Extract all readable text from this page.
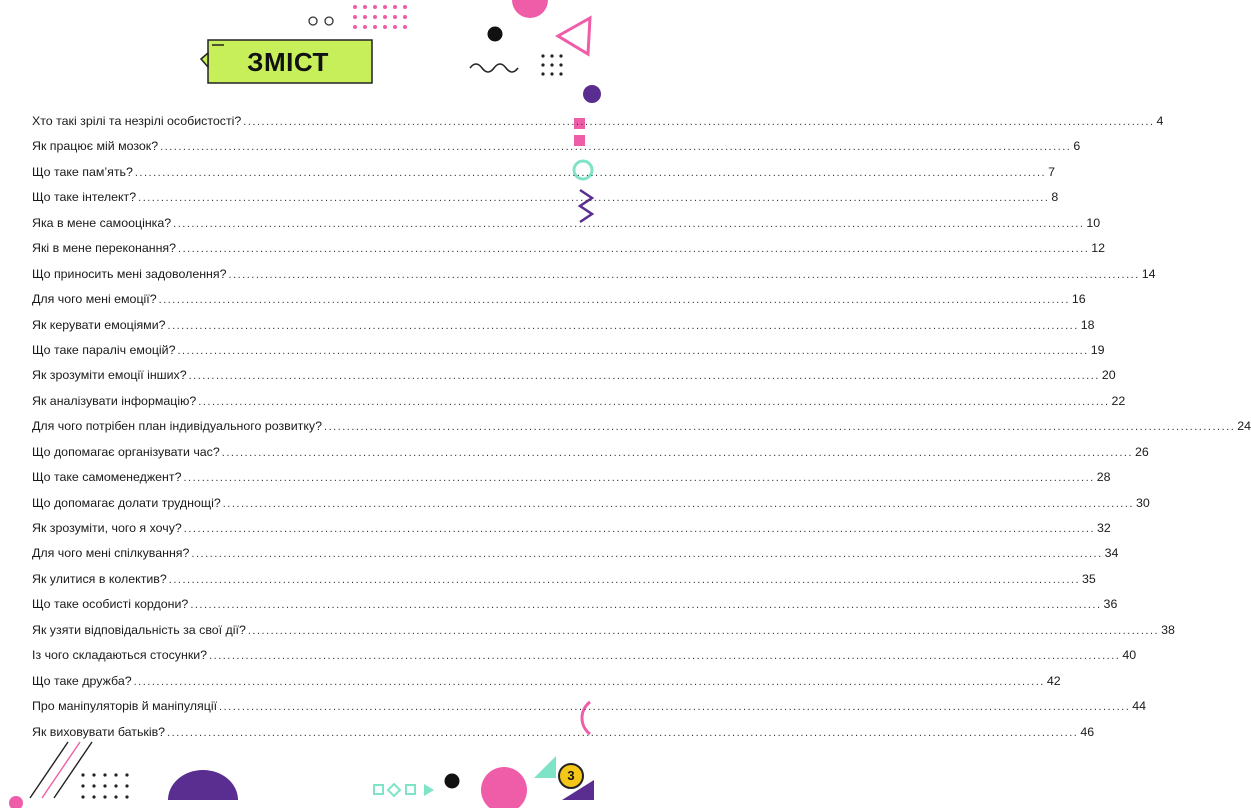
ЗМІСТ
Хто такі зрілі та незрілі особистості? ........................................................................................................................................................................................................ 4
Як працює мій мозок? ........................................................................................................................................................................................................ 6
Що таке пам’ять? ........................................................................................................................................................................................................ 7
Що таке інтелект? ........................................................................................................................................................................................................ 8
Яка в мене самооцінка? ........................................................................................................................................................................................................ 10
Які в мене переконання? ........................................................................................................................................................................................................ 12
Що приносить мені задоволення? ........................................................................................................................................................................................................ 14
Для чого мені емоції? ........................................................................................................................................................................................................ 16
Як керувати емоціями? ........................................................................................................................................................................................................ 18
Що таке параліч емоцій? ........................................................................................................................................................................................................ 19
Як зрозуміти емоції інших? ........................................................................................................................................................................................................ 20
Як аналізувати інформацію? ........................................................................................................................................................................................................ 22
Для чого потрібен план індивідуального розвитку? ........................................................................................................................................................................................................ 24
Що допомагає організувати час? ........................................................................................................................................................................................................ 26
Що таке самоменеджент? ........................................................................................................................................................................................................ 28
Що допомагає долати труднощі? ........................................................................................................................................................................................................ 30
Як зрозуміти, чого я хочу? ........................................................................................................................................................................................................ 32
Для чого мені спілкування? ........................................................................................................................................................................................................ 34
Як улитися в колектив? ........................................................................................................................................................................................................ 35
Що таке особисті кордони? ........................................................................................................................................................................................................ 36
Як узяти відповідальність за свої дії? ........................................................................................................................................................................................................ 38
Із чого складаються стосунки? ........................................................................................................................................................................................................ 40
Що таке дружба? ........................................................................................................................................................................................................ 42
Про маніпуляторів й маніпуляції ........................................................................................................................................................................................................ 44
Як виховувати батьків? ........................................................................................................................................................................................................ 46
3
